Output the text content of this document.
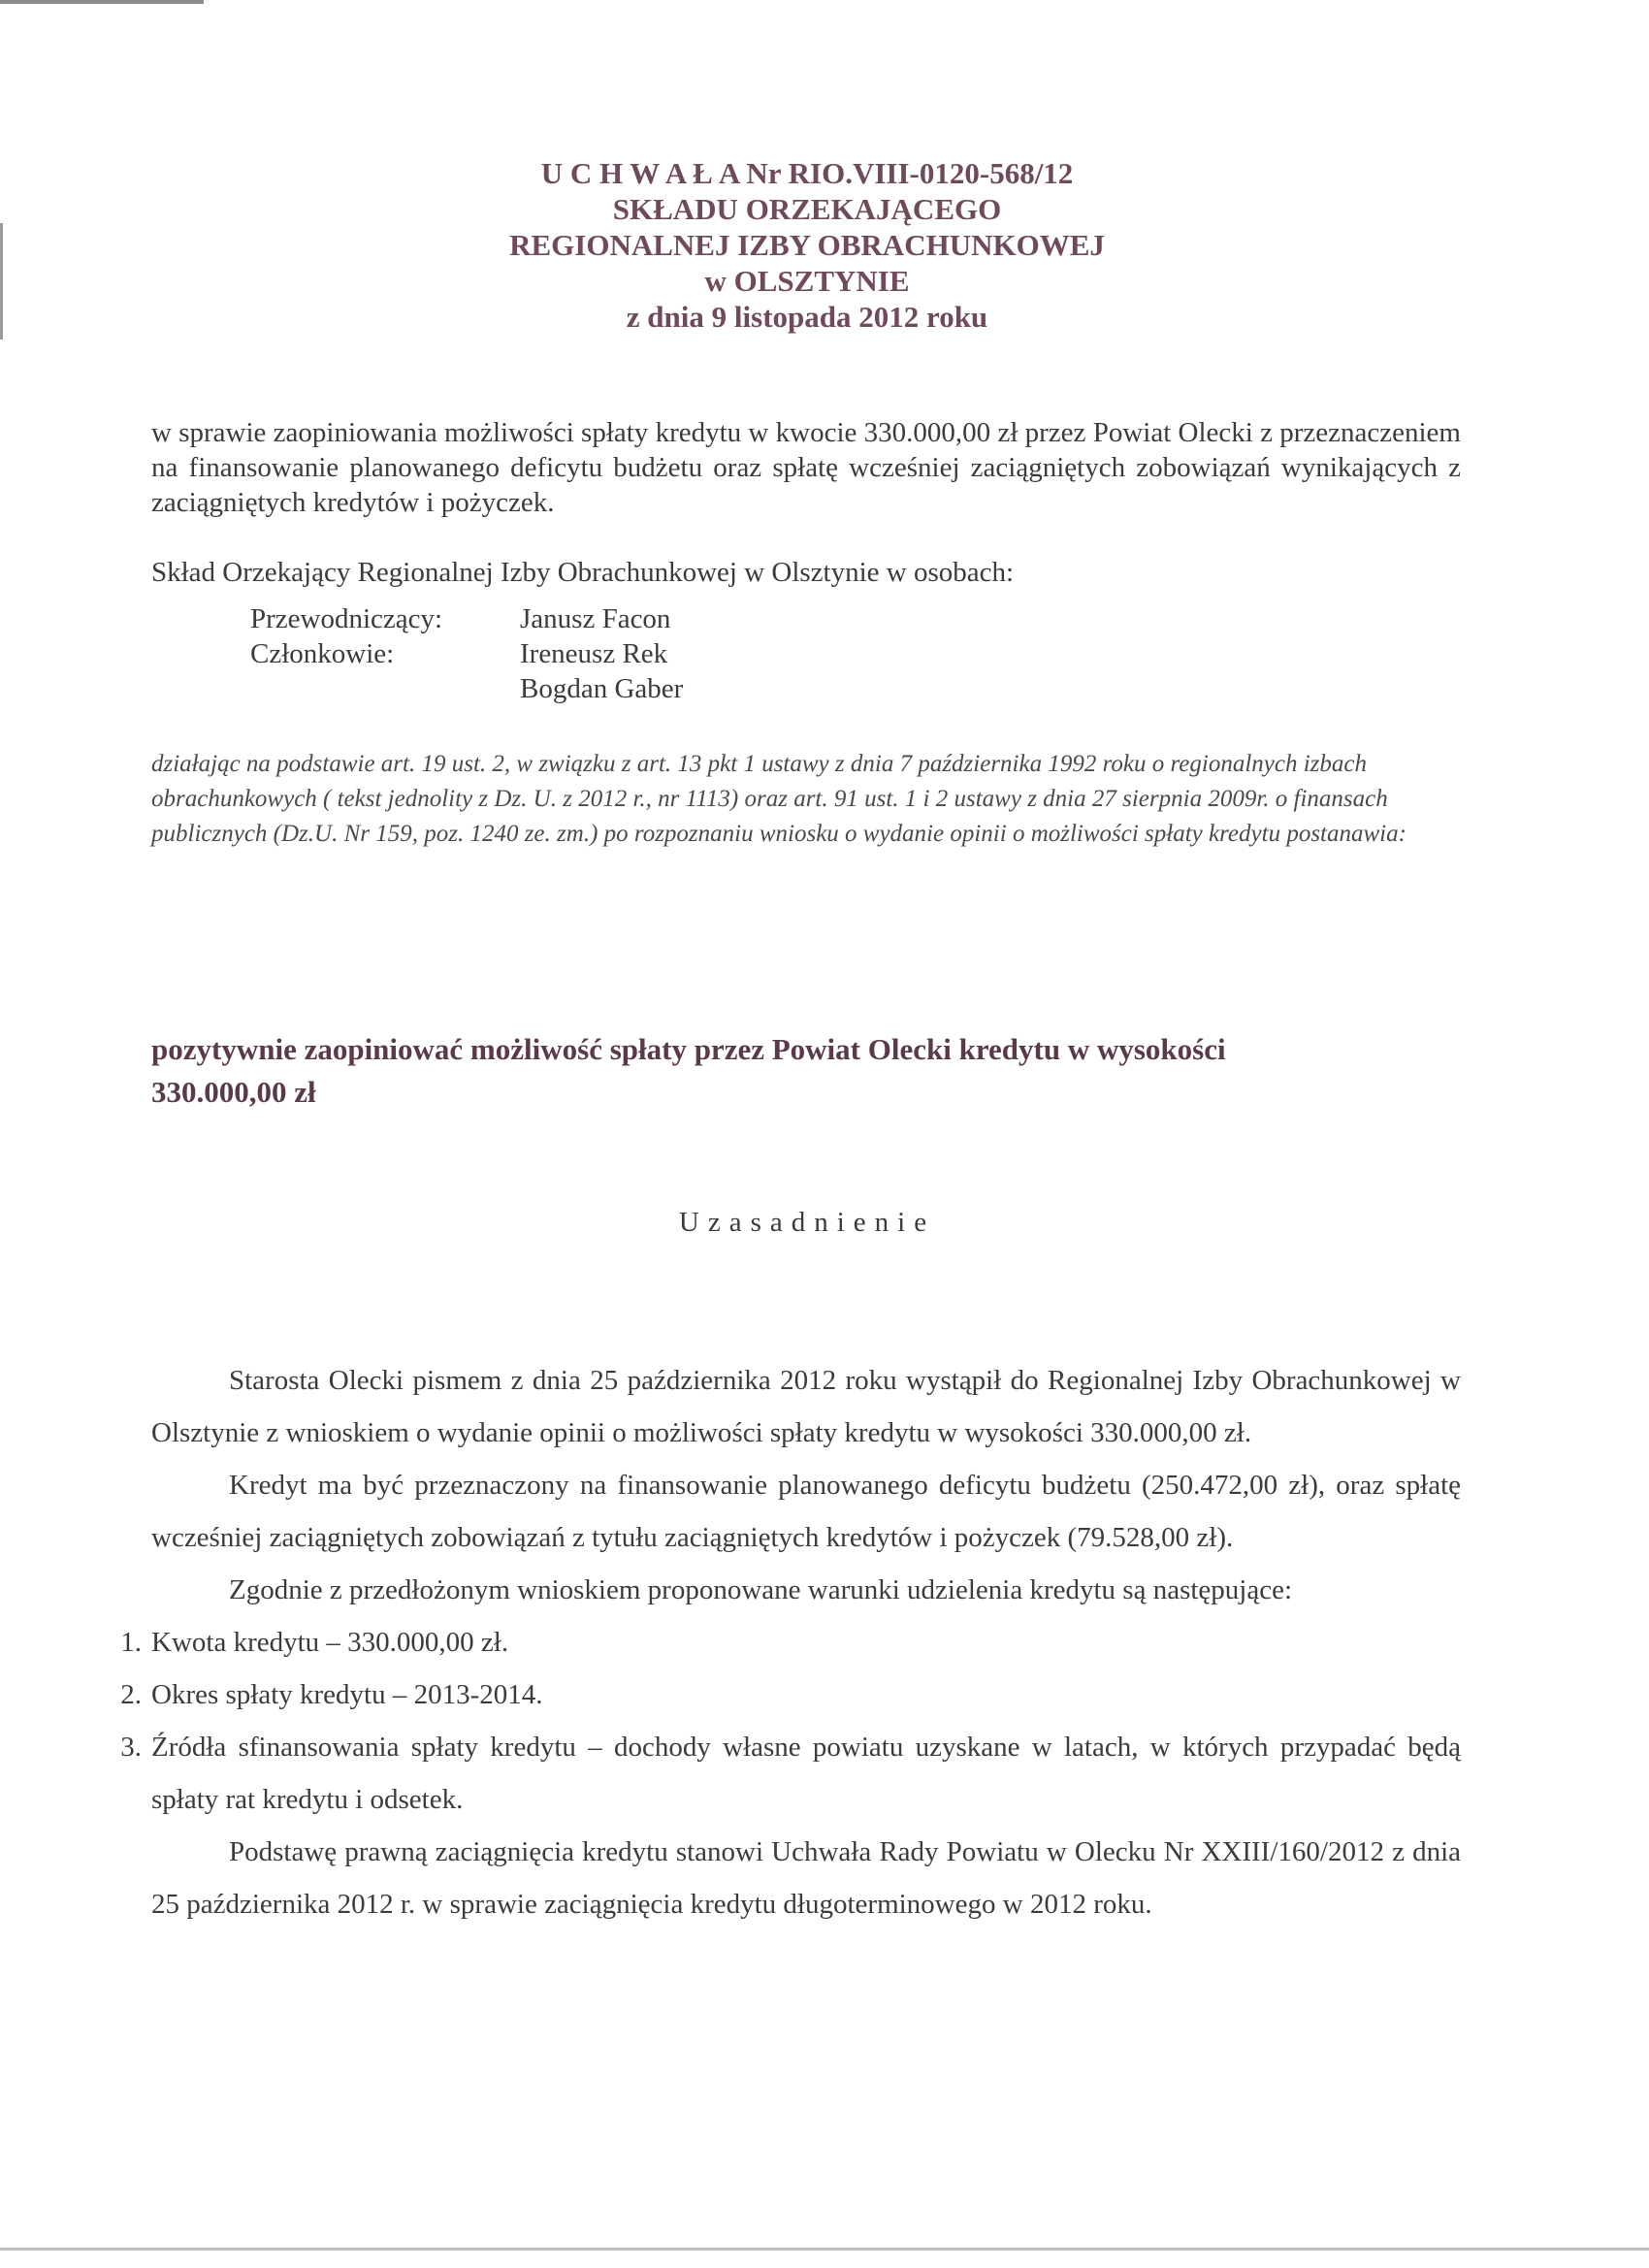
U C H W A Ł A Nr RIO.VIII-0120-568/12
SKŁADU ORZEKAJĄCEGO
REGIONALNEJ IZBY OBRACHUNKOWEJ
w OLSZTYNIE
z dnia 9 listopada 2012 roku
w sprawie zaopiniowania możliwości spłaty kredytu w kwocie 330.000,00 zł przez Powiat Olecki z przeznaczeniem na finansowanie planowanego deficytu budżetu oraz spłatę wcześniej zaciągniętych zobowiązań wynikających z zaciągniętych kredytów i pożyczek.
Skład Orzekający Regionalnej Izby Obrachunkowej w Olsztynie w osobach:
Przewodniczący:	Janusz Facon
Członkowie:	Ireneusz Rek
Bogdan Gaber
działając na podstawie art. 19 ust. 2, w związku z art. 13 pkt 1 ustawy z dnia 7 października 1992 roku o regionalnych izbach obrachunkowych ( tekst jednolity z Dz. U. z 2012 r., nr 1113) oraz art. 91 ust. 1 i 2 ustawy z dnia 27 sierpnia 2009r. o finansach publicznych (Dz.U. Nr 159, poz. 1240 ze. zm.) po rozpoznaniu wniosku o wydanie opinii o możliwości spłaty kredytu postanawia:
pozytywnie zaopiniować możliwość spłaty przez Powiat Olecki kredytu w wysokości
330.000,00 zł
Uzasadnienie

Starosta Olecki pismem z dnia 25 października 2012 roku wystąpił do Regionalnej Izby Obrachunkowej w Olsztynie z wnioskiem o wydanie opinii o możliwości spłaty kredytu w wysokości 330.000,00 zł.

Kredyt ma być przeznaczony na finansowanie planowanego deficytu budżetu (250.472,00 zł), oraz spłatę wcześniej zaciągniętych zobowiązań z tytułu zaciągniętych kredytów i pożyczek (79.528,00 zł).

Zgodnie z przedłożonym wnioskiem proponowane warunki udzielenia kredytu są następujące:

1. Kwota kredytu – 330.000,00 zł.
2. Okres spłaty kredytu – 2013-2014.
3. Źródła sfinansowania spłaty kredytu – dochody własne powiatu uzyskane w latach, w których przypadać będą spłaty rat kredytu i odsetek.

Podstawę prawną zaciągnięcia kredytu stanowi Uchwała Rady Powiatu w Olecku Nr XXIII/160/2012 z dnia 25 października 2012 r. w sprawie zaciągnięcia kredytu długoterminowego w 2012 roku.
